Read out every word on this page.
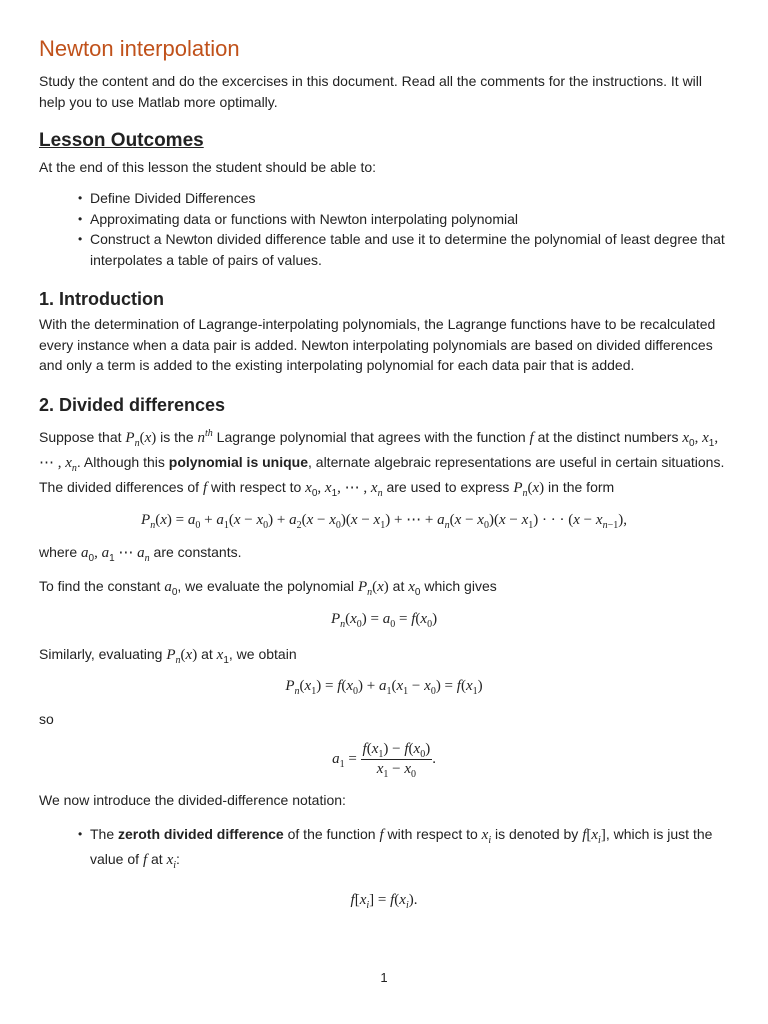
Newton interpolation

Study the content and do the excercises in this document. Read all the comments for the instructions. It will help you to use Matlab more optimally.

Lesson Outcomes

At the end of this lesson the student should be able to:

• Define Divided Differences
• Approximating data or functions with Newton interpolating polynomial
• Construct a Newton divided difference table and use it to determine the polynomial of least degree that interpolates a table of pairs of values.
1. Introduction

With the determination of Lagrange-interpolating polynomials, the Lagrange functions have to be recalculated every instance when a data pair is added. Newton interpolating polynomials are based on divided differences and only a term is added to the existing interpolating polynomial for each data pair that is added.

2. Divided differences

Suppose that $P_n(x)$ is the $n^{th}$ Lagrange polynomial that agrees with the function f at the distinct numbers $x_0$, $x_1$, ⋯ , $x_n$. Although this polynomial is unique, alternate algebraic representations are useful in certain situations. The divided differences of f with respect to $x_0$, $x_1$, ⋯ , $x_n$ are used to express $P_n(x)$ in the form

$P_n(x) = a_0 + a_1(x - x_0) + a_2(x - x_0)(x - x_1)$ + ⋯ + $a_n(x - x_0)(x - x_1)$ · · · $(x - x_{n-1})$,

where $a_0$, $a_1$ ⋯ $a_n$ are constants.

To find the constant $a_0$, we evaluate the polynomial $P_n(x)$ at $x_0$ which gives

$P_n(x_0) = a_0 = f(x_0)$

Similarly, evaluating $P_n(x)$ at $x_1$, we obtain

$P_n(x_1) = f(x_0) + a_1(x_1 - x_0) = f(x_1)$

so

$a_1 = \frac{f(x_1) - f(x_0)}{x_1 - x_0}$ .

We now introduce the divided-difference notation:

• The zeroth divided difference of the function f with respect to $x_i$ is denoted by $f[x_i]$, which is just the value of f at $x_i$:
$f[x_i] = f(x_i)$.
1
